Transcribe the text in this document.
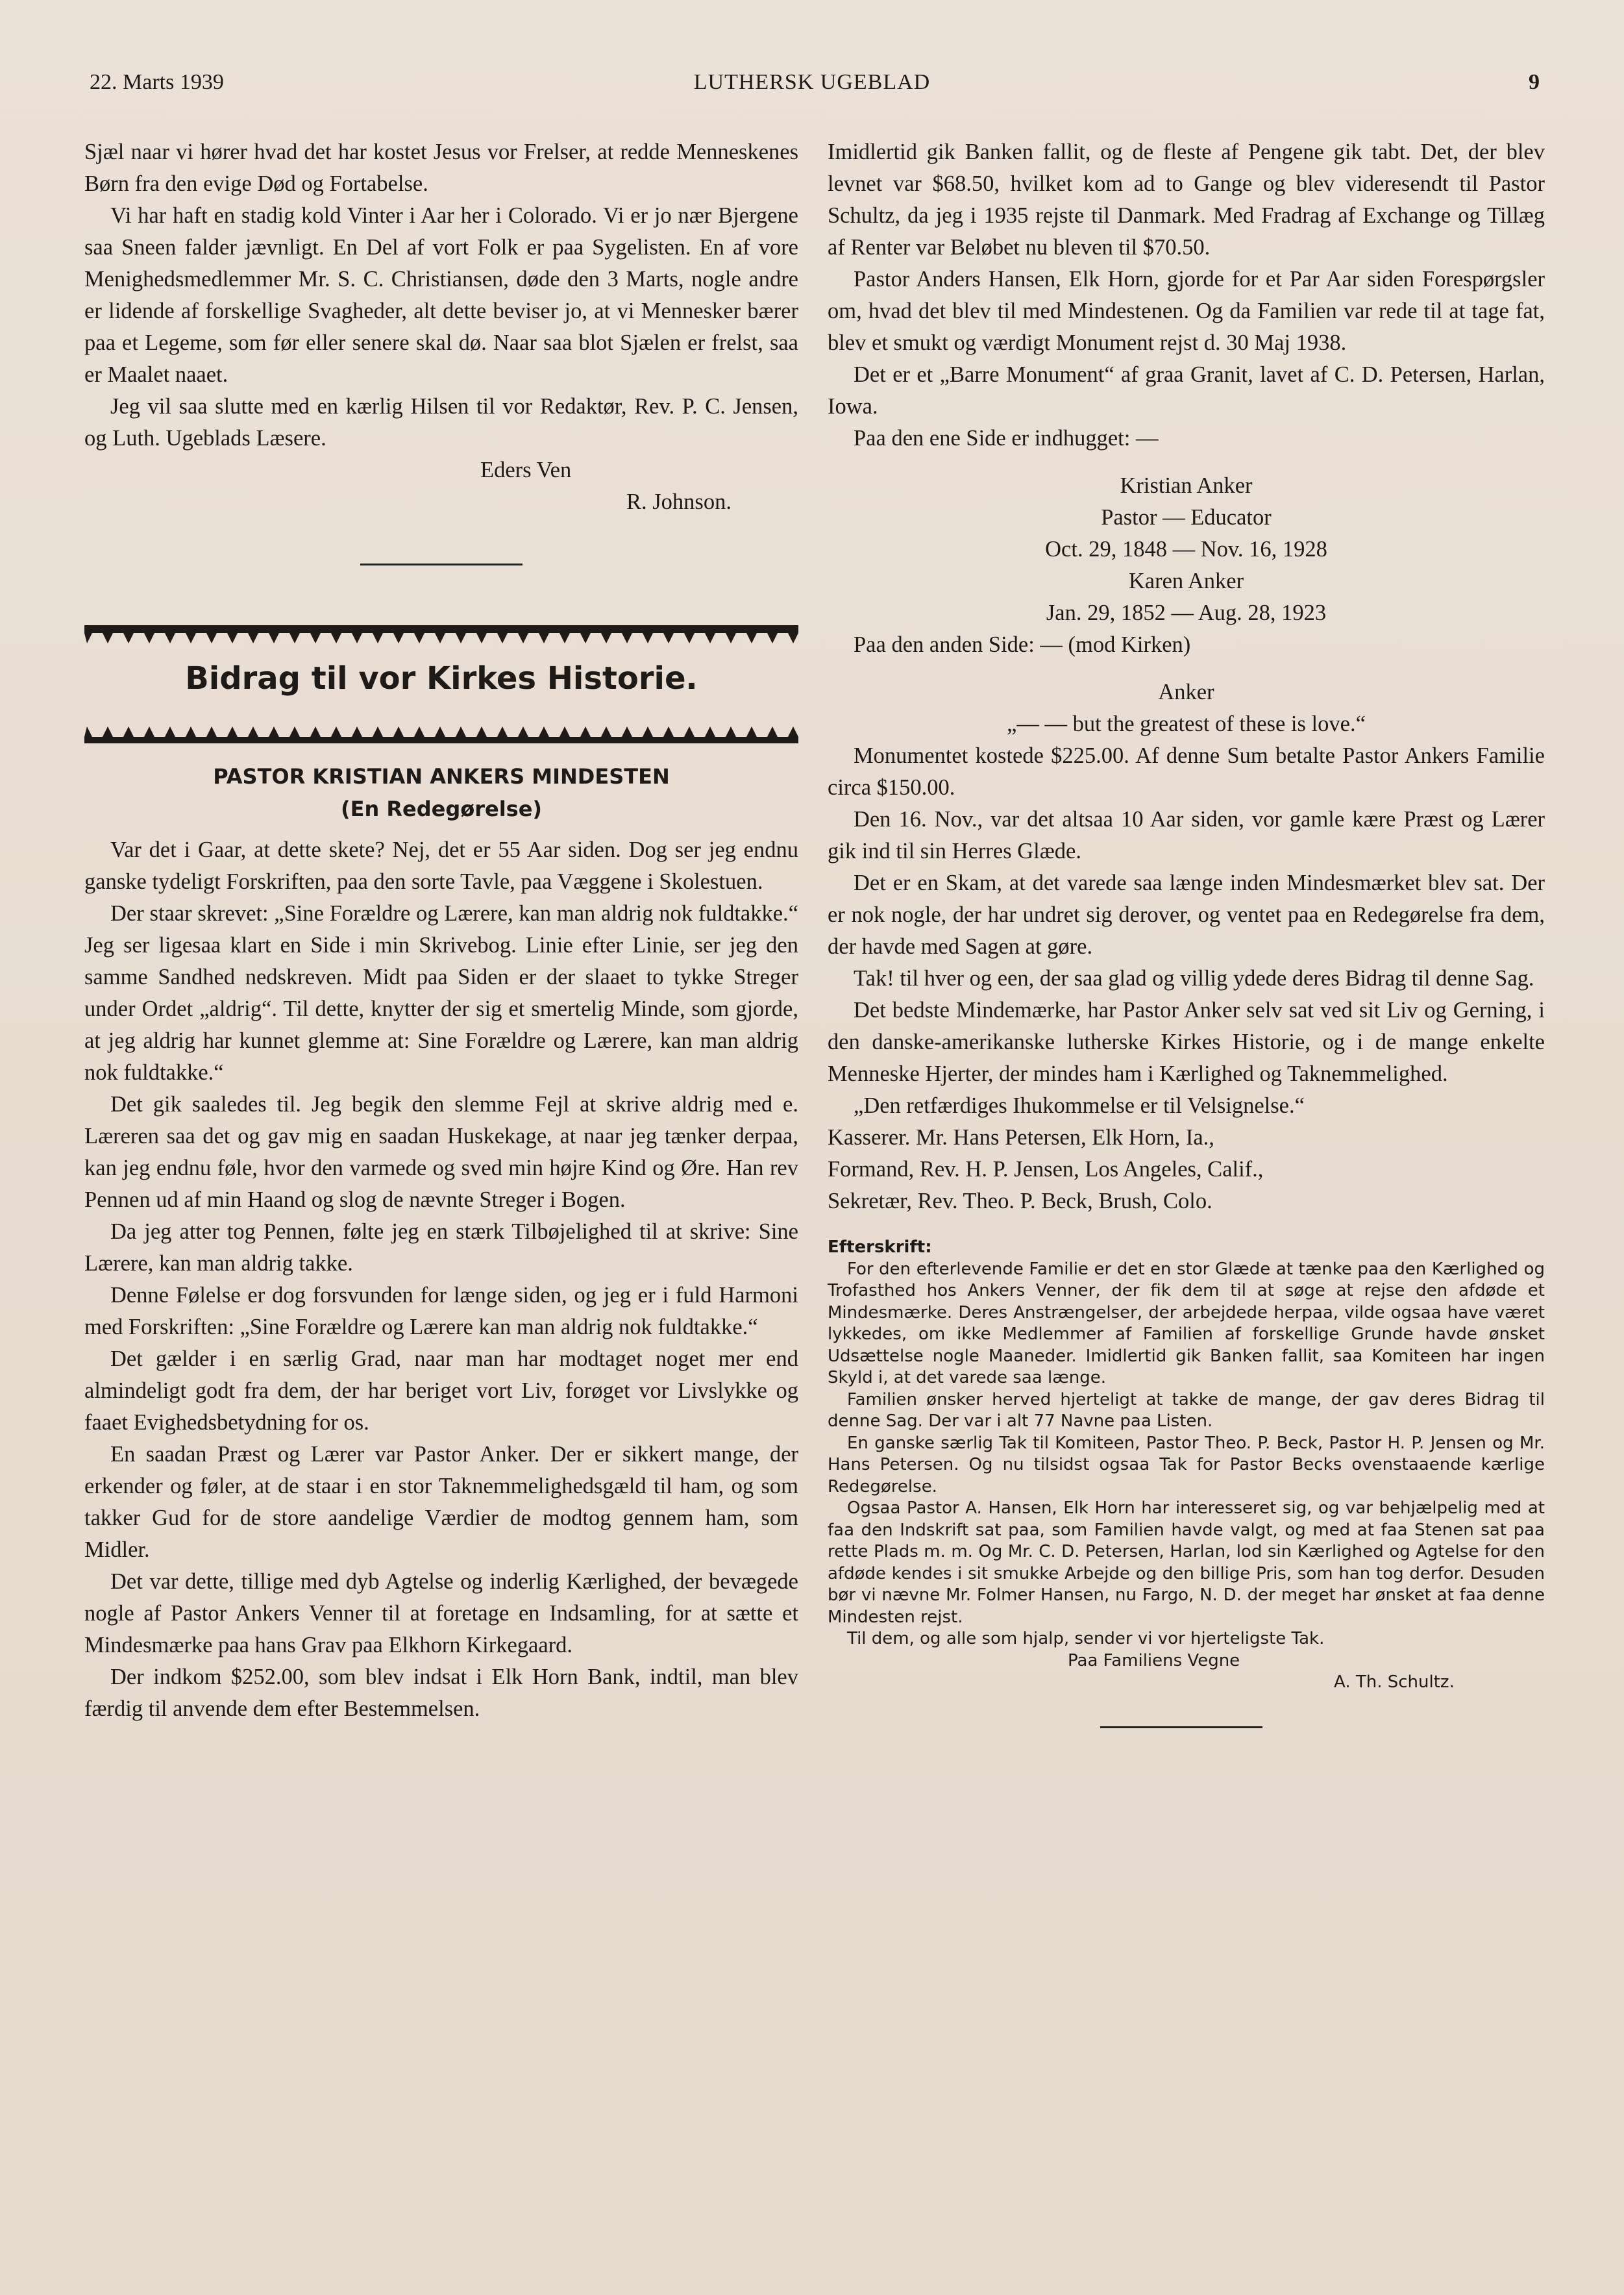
22. Marts 1939	LUTHERSK UGEBLAD	9

Sjæl naar vi hører hvad det har kostet Jesus vor Frelser, at redde Menneskenes Børn fra den evige Død og Fortabelse.

Vi har haft en stadig kold Vinter i Aar her i Colorado. Vi er jo nær Bjergene saa Sneen falder jævnligt. En Del af vort Folk er paa Sygelisten. En af vore Menighedsmedlemmer Mr. S. C. Christiansen, døde den 3 Marts, nogle andre er lidende af forskellige Svagheder, alt dette beviser jo, at vi Mennesker bærer paa et Legeme, som før eller senere skal dø. Naar saa blot Sjælen er frelst, saa er Maalet naaet.

Jeg vil saa slutte med en kærlig Hilsen til vor Redaktør, Rev. P. C. Jensen, og Luth. Ugeblads Læsere.

Eders Ven

R. Johnson.

Bidrag til vor Kirkes Historie.
PASTOR KRISTIAN ANKERS MINDESTEN
(En Redegørelse)

Var det i Gaar, at dette skete? Nej, det er 55 Aar siden. Dog ser jeg endnu ganske tydeligt Forskriften, paa den sorte Tavle, paa Væggene i Skolestuen.

Der staar skrevet: „Sine Forældre og Lærere, kan man aldrig nok fuldtakke.“ Jeg ser ligesaa klart en Side i min Skrivebog. Linie efter Linie, ser jeg den samme Sandhed nedskreven. Midt paa Siden er der slaaet to tykke Streger under Ordet „aldrig“. Til dette, knytter der sig et smertelig Minde, som gjorde, at jeg aldrig har kunnet glemme at: Sine Forældre og Lærere, kan man aldrig nok fuldtakke.“

Det gik saaledes til. Jeg begik den slemme Fejl at skrive aldrig med e. Læreren saa det og gav mig en saadan Huskekage, at naar jeg tænker derpaa, kan jeg endnu føle, hvor den varmede og sved min højre Kind og Øre. Han rev Pennen ud af min Haand og slog de nævnte Streger i Bogen.

Da jeg atter tog Pennen, følte jeg en stærk Tilbøjelighed til at skrive: Sine Lærere, kan man aldrig takke.

Denne Følelse er dog forsvunden for længe siden, og jeg er i fuld Harmoni med Forskriften: „Sine Forældre og Lærere kan man aldrig nok fuldtakke.“

Det gælder i en særlig Grad, naar man har modtaget noget mer end almindeligt godt fra dem, der har beriget vort Liv, forøget vor Livslykke og faaet Evighedsbetydning for os.

En saadan Præst og Lærer var Pastor Anker. Der er sikkert mange, der erkender og føler, at de staar i en stor Taknemmelighedsgæld til ham, og som takker Gud for de store aandelige Værdier de modtog gennem ham, som Midler.

Det var dette, tillige med dyb Agtelse og inderlig Kærlighed, der bevægede nogle af Pastor Ankers Venner til at foretage en Indsamling, for at sætte et Mindesmærke paa hans Grav paa Elkhorn Kirkegaard.

Der indkom $252.00, som blev indsat i Elk Horn Bank, indtil, man blev færdig til anvende dem efter Bestemmelsen.

Imidlertid gik Banken fallit, og de fleste af Pengene gik tabt. Det, der blev levnet var $68.50, hvilket kom ad to Gange og blev videresendt til Pastor Schultz, da jeg i 1935 rejste til Danmark. Med Fradrag af Exchange og Tillæg af Renter var Beløbet nu bleven til $70.50.

Pastor Anders Hansen, Elk Horn, gjorde for et Par Aar siden Forespørgsler om, hvad det blev til med Mindestenen. Og da Familien var rede til at tage fat, blev et smukt og værdigt Monument rejst d. 30 Maj 1938.

Det er et „Barre Monument“ af graa Granit, lavet af C. D. Petersen, Harlan, Iowa.

Paa den ene Side er indhugget: —

Kristian Anker

Pastor — Educator

Oct. 29, 1848 — Nov. 16, 1928

Karen Anker

Jan. 29, 1852 — Aug. 28, 1923

Paa den anden Side: — (mod Kirken)

Anker

„— — but the greatest of these is love.“

Monumentet kostede $225.00. Af denne Sum betalte Pastor Ankers Familie circa $150.00.

Den 16. Nov., var det altsaa 10 Aar siden, vor gamle kære Præst og Lærer gik ind til sin Herres Glæde.

Det er en Skam, at det varede saa længe inden Mindesmærket blev sat. Der er nok nogle, der har undret sig derover, og ventet paa en Redegørelse fra dem, der havde med Sagen at gøre.

Tak! til hver og een, der saa glad og villig ydede deres Bidrag til denne Sag.

Det bedste Mindemærke, har Pastor Anker selv sat ved sit Liv og Gerning, i den danske-amerikanske lutherske Kirkes Historie, og i de mange enkelte Menneske Hjerter, der mindes ham i Kærlighed og Taknemmelighed.

„Den retfærdiges Ihukommelse er til Velsignelse.“

Kasserer. Mr. Hans Petersen, Elk Horn, Ia.,

Formand, Rev. H. P. Jensen, Los Angeles, Calif.,

Sekretær, Rev. Theo. P. Beck, Brush, Colo.

Efterskrift:

For den efterlevende Familie er det en stor Glæde at tænke paa den Kærlighed og Trofasthed hos Ankers Venner, der fik dem til at søge at rejse den afdøde et Mindesmærke. Deres Anstrængelser, der arbejdede herpaa, vilde ogsaa have været lykkedes, om ikke Medlemmer af Familien af forskellige Grunde havde ønsket Udsættelse nogle Maaneder. Imidlertid gik Banken fallit, saa Komiteen har ingen Skyld i, at det varede saa længe.

Familien ønsker herved hjerteligt at takke de mange, der gav deres Bidrag til denne Sag. Der var i alt 77 Navne paa Listen.

En ganske særlig Tak til Komiteen, Pastor Theo. P. Beck, Pastor H. P. Jensen og Mr. Hans Petersen. Og nu tilsidst ogsaa Tak for Pastor Becks ovenstaaende kærlige Redegørelse.

Ogsaa Pastor A. Hansen, Elk Horn har interesseret sig, og var behjælpelig med at faa den Indskrift sat paa, som Familien havde valgt, og med at faa Stenen sat paa rette Plads m. m. Og Mr. C. D. Petersen, Harlan, lod sin Kærlighed og Agtelse for den afdøde kendes i sit smukke Arbejde og den billige Pris, som han tog derfor. Desuden bør vi nævne Mr. Folmer Hansen, nu Fargo, N. D. der meget har ønsket at faa denne Mindesten rejst.

Til dem, og alle som hjalp, sender vi vor hjerteligste Tak.

Paa Familiens Vegne

A. Th. Schultz.
